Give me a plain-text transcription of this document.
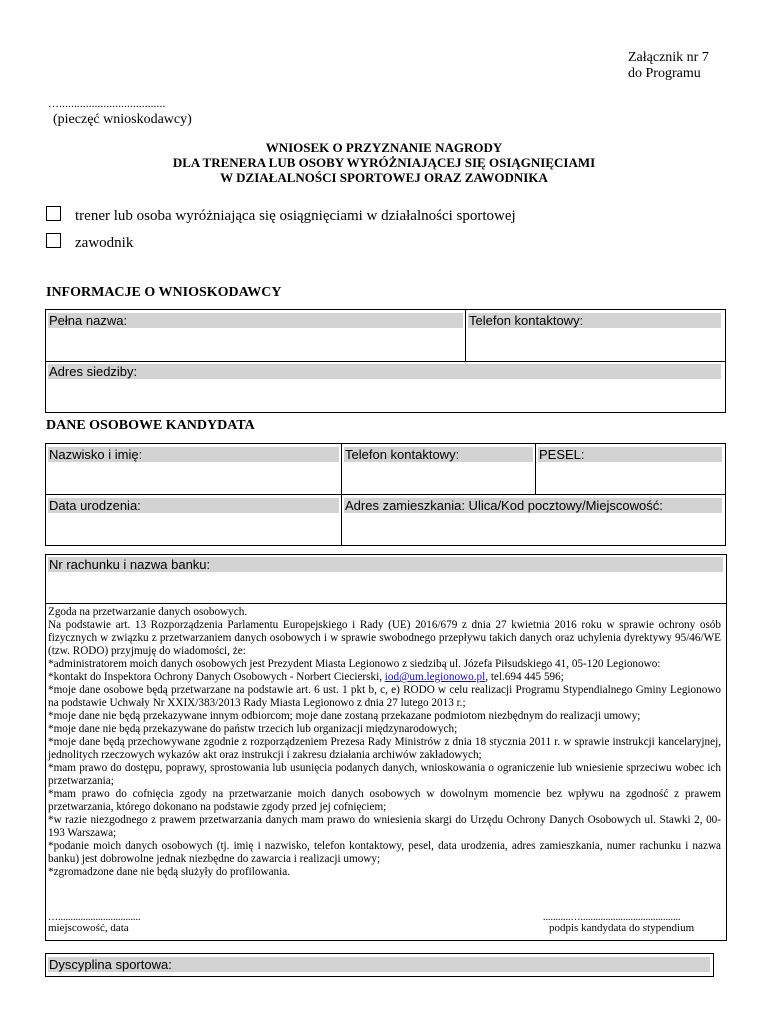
Załącznik nr 7
do Programu
…....................................
(pieczęć wnioskodawcy)
WNIOSEK O PRZYZNANIE NAGRODY
DLA TRENERA LUB OSOBY WYRÓŻNIAJĄCEJ SIĘ OSIĄGNIĘCIAMI
W DZIAŁALNOŚCI SPORTOWEJ ORAZ ZAWODNIKA
trener lub osoba wyróżniająca się osiągnięciami w działalności sportowej
zawodnik
INFORMACJE O WNIOSKODAWCY
Pełna nazwa:	Telefon kontaktowy:
Adres siedziby:
DANE OSOBOWE KANDYDATA
Nazwisko i imię:	Telefon kontaktowy:	PESEL:
Data urodzenia:	Adres zamieszkania: Ulica/Kod pocztowy/Miejscowość:
Nr rachunku i nazwa banku:

Zgoda na przetwarzanie danych osobowych.

Na podstawie art. 13 Rozporządzenia Parlamentu Europejskiego i Rady (UE) 2016/679 z dnia 27 kwietnia 2016 roku w sprawie ochrony osób fizycznych w związku z przetwarzaniem danych osobowych i w sprawie swobodnego przepływu takich danych oraz uchylenia dyrektywy 95/46/WE (tzw. RODO) przyjmuję do wiadomości, że:

*administratorem moich danych osobowych jest Prezydent Miasta Legionowo z siedzibą ul. Józefa Piłsudskiego 41, 05-120 Legionowo:

*kontakt do Inspektora Ochrony Danych Osobowych - Norbert Ciecierski, iod@um.legionowo.pl, tel.694 445 596;

*moje dane osobowe będą przetwarzane na podstawie art. 6 ust. 1 pkt b, c, e) RODO w celu realizacji Programu Stypendialnego Gminy Legionowo na podstawie Uchwały Nr XXIX/383/2013 Rady Miasta Legionowo z dnia 27 lutego 2013 r.;

*moje dane nie będą przekazywane innym odbiorcom; moje dane zostaną przekazane podmiotom niezbędnym do realizacji umowy;

*moje dane nie będą przekazywane do państw trzecich lub organizacji międzynarodowych;

*moje dane będą przechowywane zgodnie z rozporządzeniem Prezesa Rady Ministrów z dnia 18 stycznia 2011 r. w sprawie instrukcji kancelaryjnej, jednolitych rzeczowych wykazów akt oraz instrukcji i zakresu działania archiwów zakładowych;

*mam prawo do dostępu, poprawy, sprostowania lub usunięcia podanych danych, wnioskowania o ograniczenie lub wniesienie sprzeciwu wobec ich przetwarzania;

*mam prawo do cofnięcia zgody na przetwarzanie moich danych osobowych w dowolnym momencie bez wpływu na zgodność z prawem przetwarzania, którego dokonano na podstawie zgody przed jej cofnięciem;

*w razie niezgodnego z prawem przetwarzania danych mam prawo do wniesienia skargi do Urzędu Ochrony Danych Osobowych ul. Stawki 2, 00-193 Warszawa;

*podanie moich danych osobowych (tj. imię i nazwisko, telefon kontaktowy, pesel, data urodzenia, adres zamieszkania, numer rachunku i nazwa banku) jest dobrowolne jednak niezbędne do zawarcia i realizacji umowy;

*zgromadzone dane nie będą służyły do profilowania.

….................................
miejscowość, data
...........…........................................
podpis kandydata do stypendium
Dyscyplina sportowa:
